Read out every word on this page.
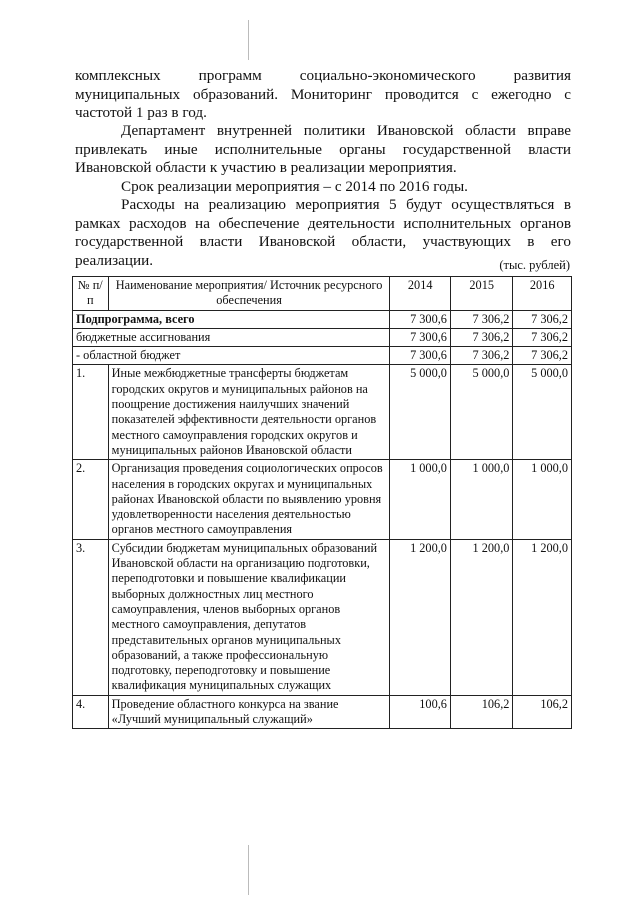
комплексных программ социально-экономического развития муниципальных образований. Мониторинг проводится с ежегодно с частотой 1 раз в год.
Департамент внутренней политики Ивановской области вправе привлекать иные исполнительные органы государственной власти Ивановской области к участию в реализации мероприятия.
Срок реализации мероприятия – с 2014 по 2016 годы.
Расходы на реализацию мероприятия 5 будут осуществляться в рамках расходов на обеспечение деятельности исполнительных органов государственной власти Ивановской области, участвующих в его реализации.	(тыс. рублей)
№ п/п	Наименование мероприятия/ Источник ресурсного обеспечения	2014	2015	2016
Подпрограмма, всего		7 300,6	7 306,2	7 306,2
бюджетные ассигнования		7 300,6	7 306,2	7 306,2
- областной бюджет		7 300,6	7 306,2	7 306,2
1.	Иные межбюджетные трансферты бюджетам городских округов и муниципальных районов на поощрение достижения наилучших значений показателей эффективности деятельности органов местного самоуправления городских округов и муниципальных районов Ивановской области	5 000,0	5 000,0	5 000,0
2.	Организация проведения социологических опросов населения в городских округах и муниципальных районах Ивановской области по выявлению уровня удовлетворенности населения деятельностью органов местного самоуправления	1 000,0	1 000,0	1 000,0
3.	Субсидии бюджетам муниципальных образований Ивановской области на организацию подготовки, переподготовки и повышение квалификации выборных должностных лиц местного самоуправления, членов выборных органов местного самоуправления, депутатов представительных органов муниципальных образований, а также профессиональную подготовку, переподготовку и повышение квалификация муниципальных служащих	1 200,0	1 200,0	1 200,0
4.	Проведение областного конкурса на звание «Лучший муниципальный служащий»	100,6	106,2	106,2
